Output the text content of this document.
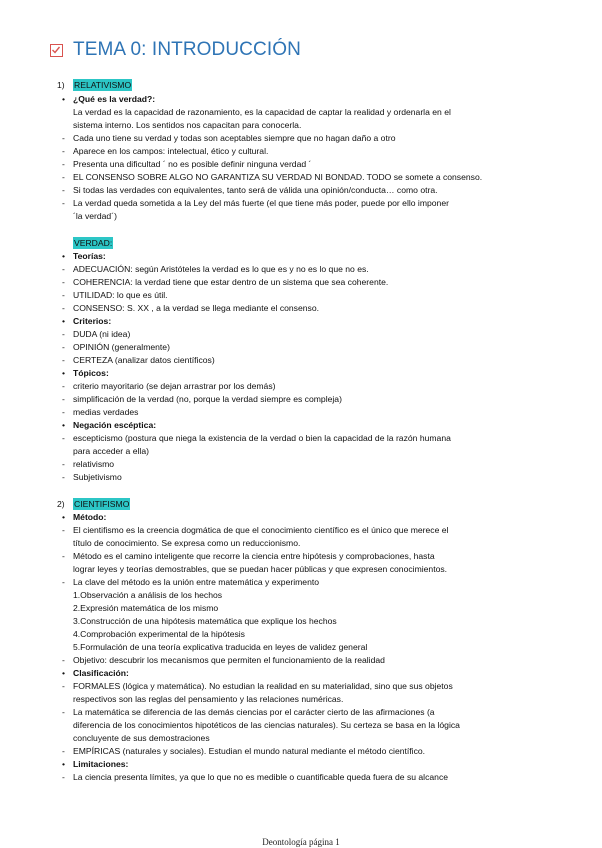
TEMA 0: INTRODUCCIÓN
1) RELATIVISMO
• ¿Qué es la verdad?:
La verdad es la capacidad de razonamiento, es la capacidad de captar la realidad y ordenarla en el
sistema interno. Los sentidos nos capacitan para conocerla.
- Cada uno tiene su verdad y todas son aceptables siempre que no hagan daño a otro
- Aparece en los campos: intelectual, ético y cultural.
- Presenta una dificultad ´ no es posible definir ninguna verdad ´
- EL CONSENSO SOBRE ALGO NO GARANTIZA SU VERDAD NI BONDAD. TODO se somete a consenso.
- Si todas las verdades con equivalentes, tanto será de válida una opinión/conducta… como otra.
- La verdad queda sometida a la Ley del más fuerte (el que tiene más poder, puede por ello imponer
´la verdad´)
VERDAD:
• Teorías:
- ADECUACIÓN: según Aristóteles la verdad es lo que es y no es lo que no es.
- COHERENCIA: la verdad tiene que estar dentro de un sistema que sea coherente.
- UTILIDAD: lo que es útil.
- CONSENSO: S. XX , a la verdad se llega mediante el consenso.
• Criterios:
- DUDA (ni idea)
- OPINIÓN (generalmente)
- CERTEZA (analizar datos científicos)
• Tópicos:
- criterio mayoritario (se dejan arrastrar por los demás)
- simplificación de la verdad (no, porque la verdad siempre es compleja)
- medias verdades
• Negación escéptica:
- escepticismo (postura que niega la existencia de la verdad o bien la capacidad de la razón humana
para acceder a ella)
- relativismo
- Subjetivismo
2) CIENTIFISMO
• Método:
- El cientifismo es la creencia dogmática de que el conocimiento científico es el único que merece el
título de conocimiento. Se expresa como un reduccionismo.
- Método es el camino inteligente que recorre la ciencia entre hipótesis y comprobaciones, hasta
lograr leyes y teorías demostrables, que se puedan hacer públicas y que expresen conocimientos.
- La clave del método es la unión entre matemática y experimento
1.Observación a análisis de los hechos
2.Expresión matemática de los mismo
3.Construcción de una hipótesis matemática que explique los hechos
4.Comprobación experimental de la hipótesis
5.Formulación de una teoría explicativa traducida en leyes de validez general
- Objetivo: descubrir los mecanismos que permiten el funcionamiento de la realidad
• Clasificación:
- FORMALES (lógica y matemática). No estudian la realidad en su materialidad, sino que sus objetos
respectivos son las reglas del pensamiento y las relaciones numéricas.
- La matemática se diferencia de las demás ciencias por el carácter cierto de las afirmaciones (a
diferencia de los conocimientos hipotéticos de las ciencias naturales). Su certeza se basa en la lógica
concluyente de sus demostraciones
- EMPÍRICAS (naturales y sociales). Estudian el mundo natural mediante el método científico.
• Limitaciones:
- La ciencia presenta límites, ya que lo que no es medible o cuantificable queda fuera de su alcance
Deontología página 1
